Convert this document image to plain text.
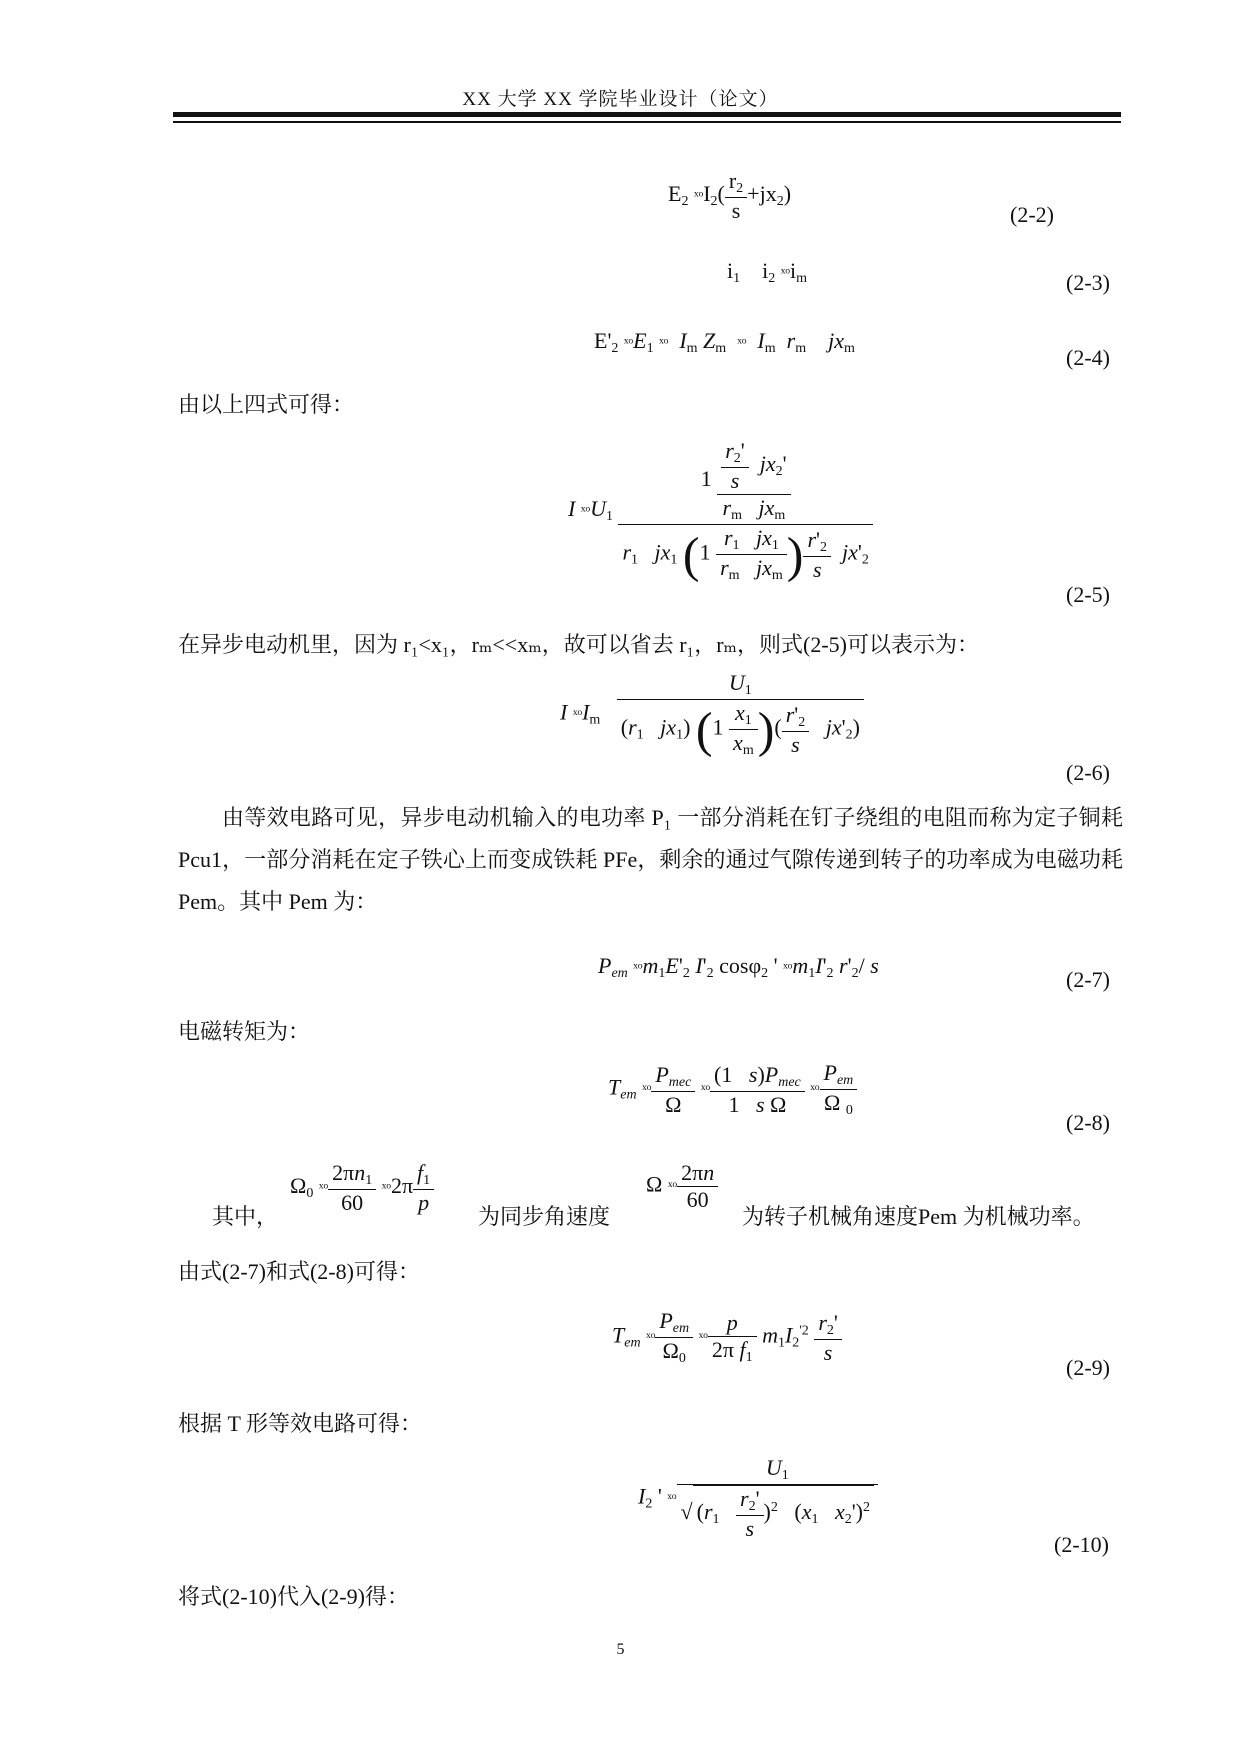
XX 大学 XX 学院毕业设计（论文）
E2 ˣᵒI2( $\frac{r2}{s} +jx2$)
(2-2)
i1    i2 ˣᵒim	(2-3)
E'2 ˣᵒE1 ˣᵒ Im Zm ˣᵒ Im rm jxm	(2-4)
由以上四式可得：
I ˣᵒU1 $\frac{1 \frac{\frac{r2'}{s} jx2'}{\text{rm jxm}}}{r1 jx1 (1 \frac{r1 jx1}{\text{rm jxm}} ) \frac{r'2}{s} jx'2}$
(2-5)
在异步电动机里，因为 r₁<x₁，rₘ<<xₘ，故可以省去 r₁，rₘ，则式(2-5)可以表示为：
I ˣᵒIm $\frac{U1}{(r1 jx1) (1 \frac{x1}{xm} )( \frac{r'2}{s} jx'2)}$
(2-6)
由等效电路可见，异步电动机输入的电功率 P₁ 一部分消耗在钉子绕组的电阻而称为定子铜耗 Pcu1，一部分消耗在定子铁心上而变成铁耗 PFe，剩余的通过气隙传递到转子的功率成为电磁功耗 Pem。其中 Pem 为：
Pem ˣᵒm1E'2 I'2 cosφ2 ' ˣᵒm1I'2 r'2/ s
(2-7)
电磁转矩为：
Tem ˣᵒ $\frac{\text{Pmec}}{\Omega}$ ˣᵒ $\frac{\text{(1   s)Pmec}}{\text{1   s Ω}}$ ˣᵒ $\frac{\text{Pem}}{\Omega 0}$
(2-8)
其中，
Ω0 ˣᵒ $\frac{2\pi n1}{60}$ ˣᵒ2π $\frac{f1}{p}$
为同步角速度
Ω ˣᵒ $\frac{2\pi n}{60}$
为转子机械角速度 Pem 为机械功率。
由式(2-7)和式(2-8)可得：
Tem ˣᵒ $\frac{\text{Pem}}{\Omega 0}$ ˣᵒ $\frac{p}{\text{2π f1}} m1I2^{'2} \frac{r2'}{s}$
(2-9)
根据 T 形等效电路可得：
I2 ' ˣᵒ $\frac{U1}{√ (r1 \frac{r2'}{s} )^2 (x1 x2')^2}$
(2-10)
将式(2-10)代入(2-9)得：
5
